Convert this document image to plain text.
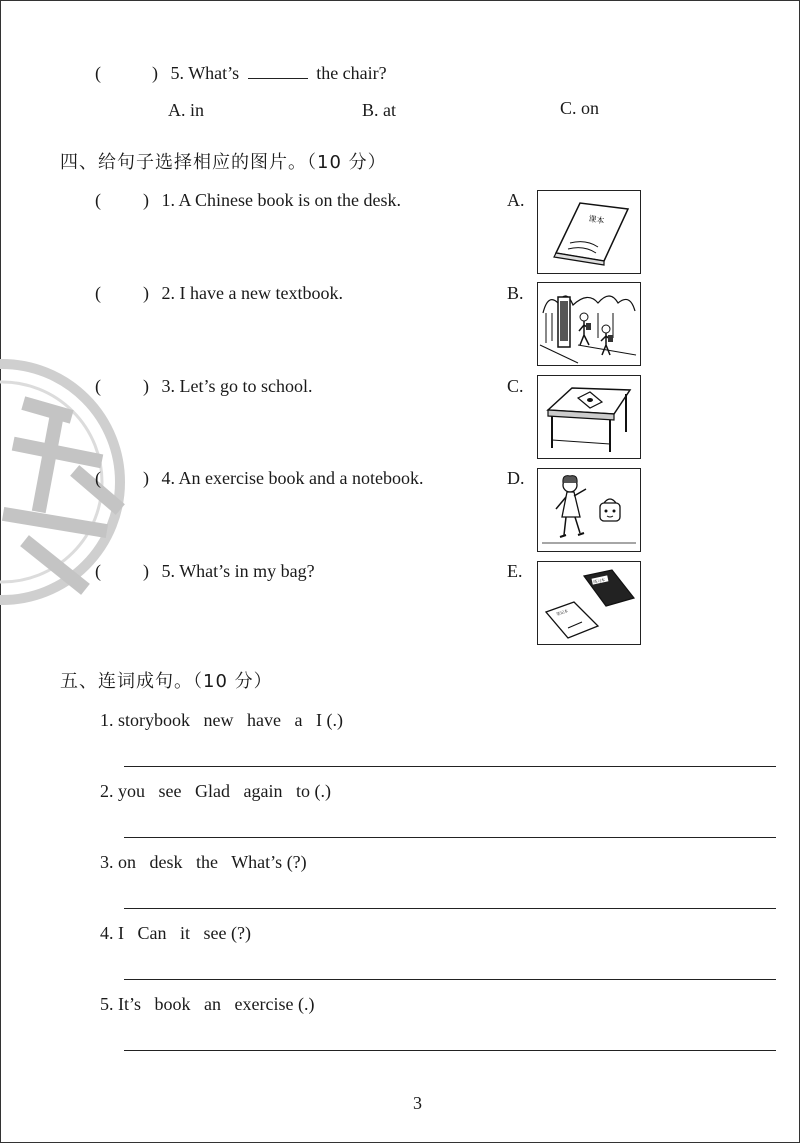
(	) 5. What’s	the chair?
A. in	B. at	C. on
四、给句子选择相应的图片。（10 分）
( ) 1. A Chinese book is on the desk.
( ) 2. I have a new textbook.
( ) 3. Let’s go to school.
( ) 4. An exercise book and a notebook.
( ) 5. What’s in my bag?
A.
B.
C.
D.
E.
课本
练习本
笔记本
五、连词成句。（10 分）
1. storybook new have a I (.)
2. you see Glad again to (.)
3. on desk the What’s (?)
4. I Can it see (?)
5. It’s book an exercise (.)
3
